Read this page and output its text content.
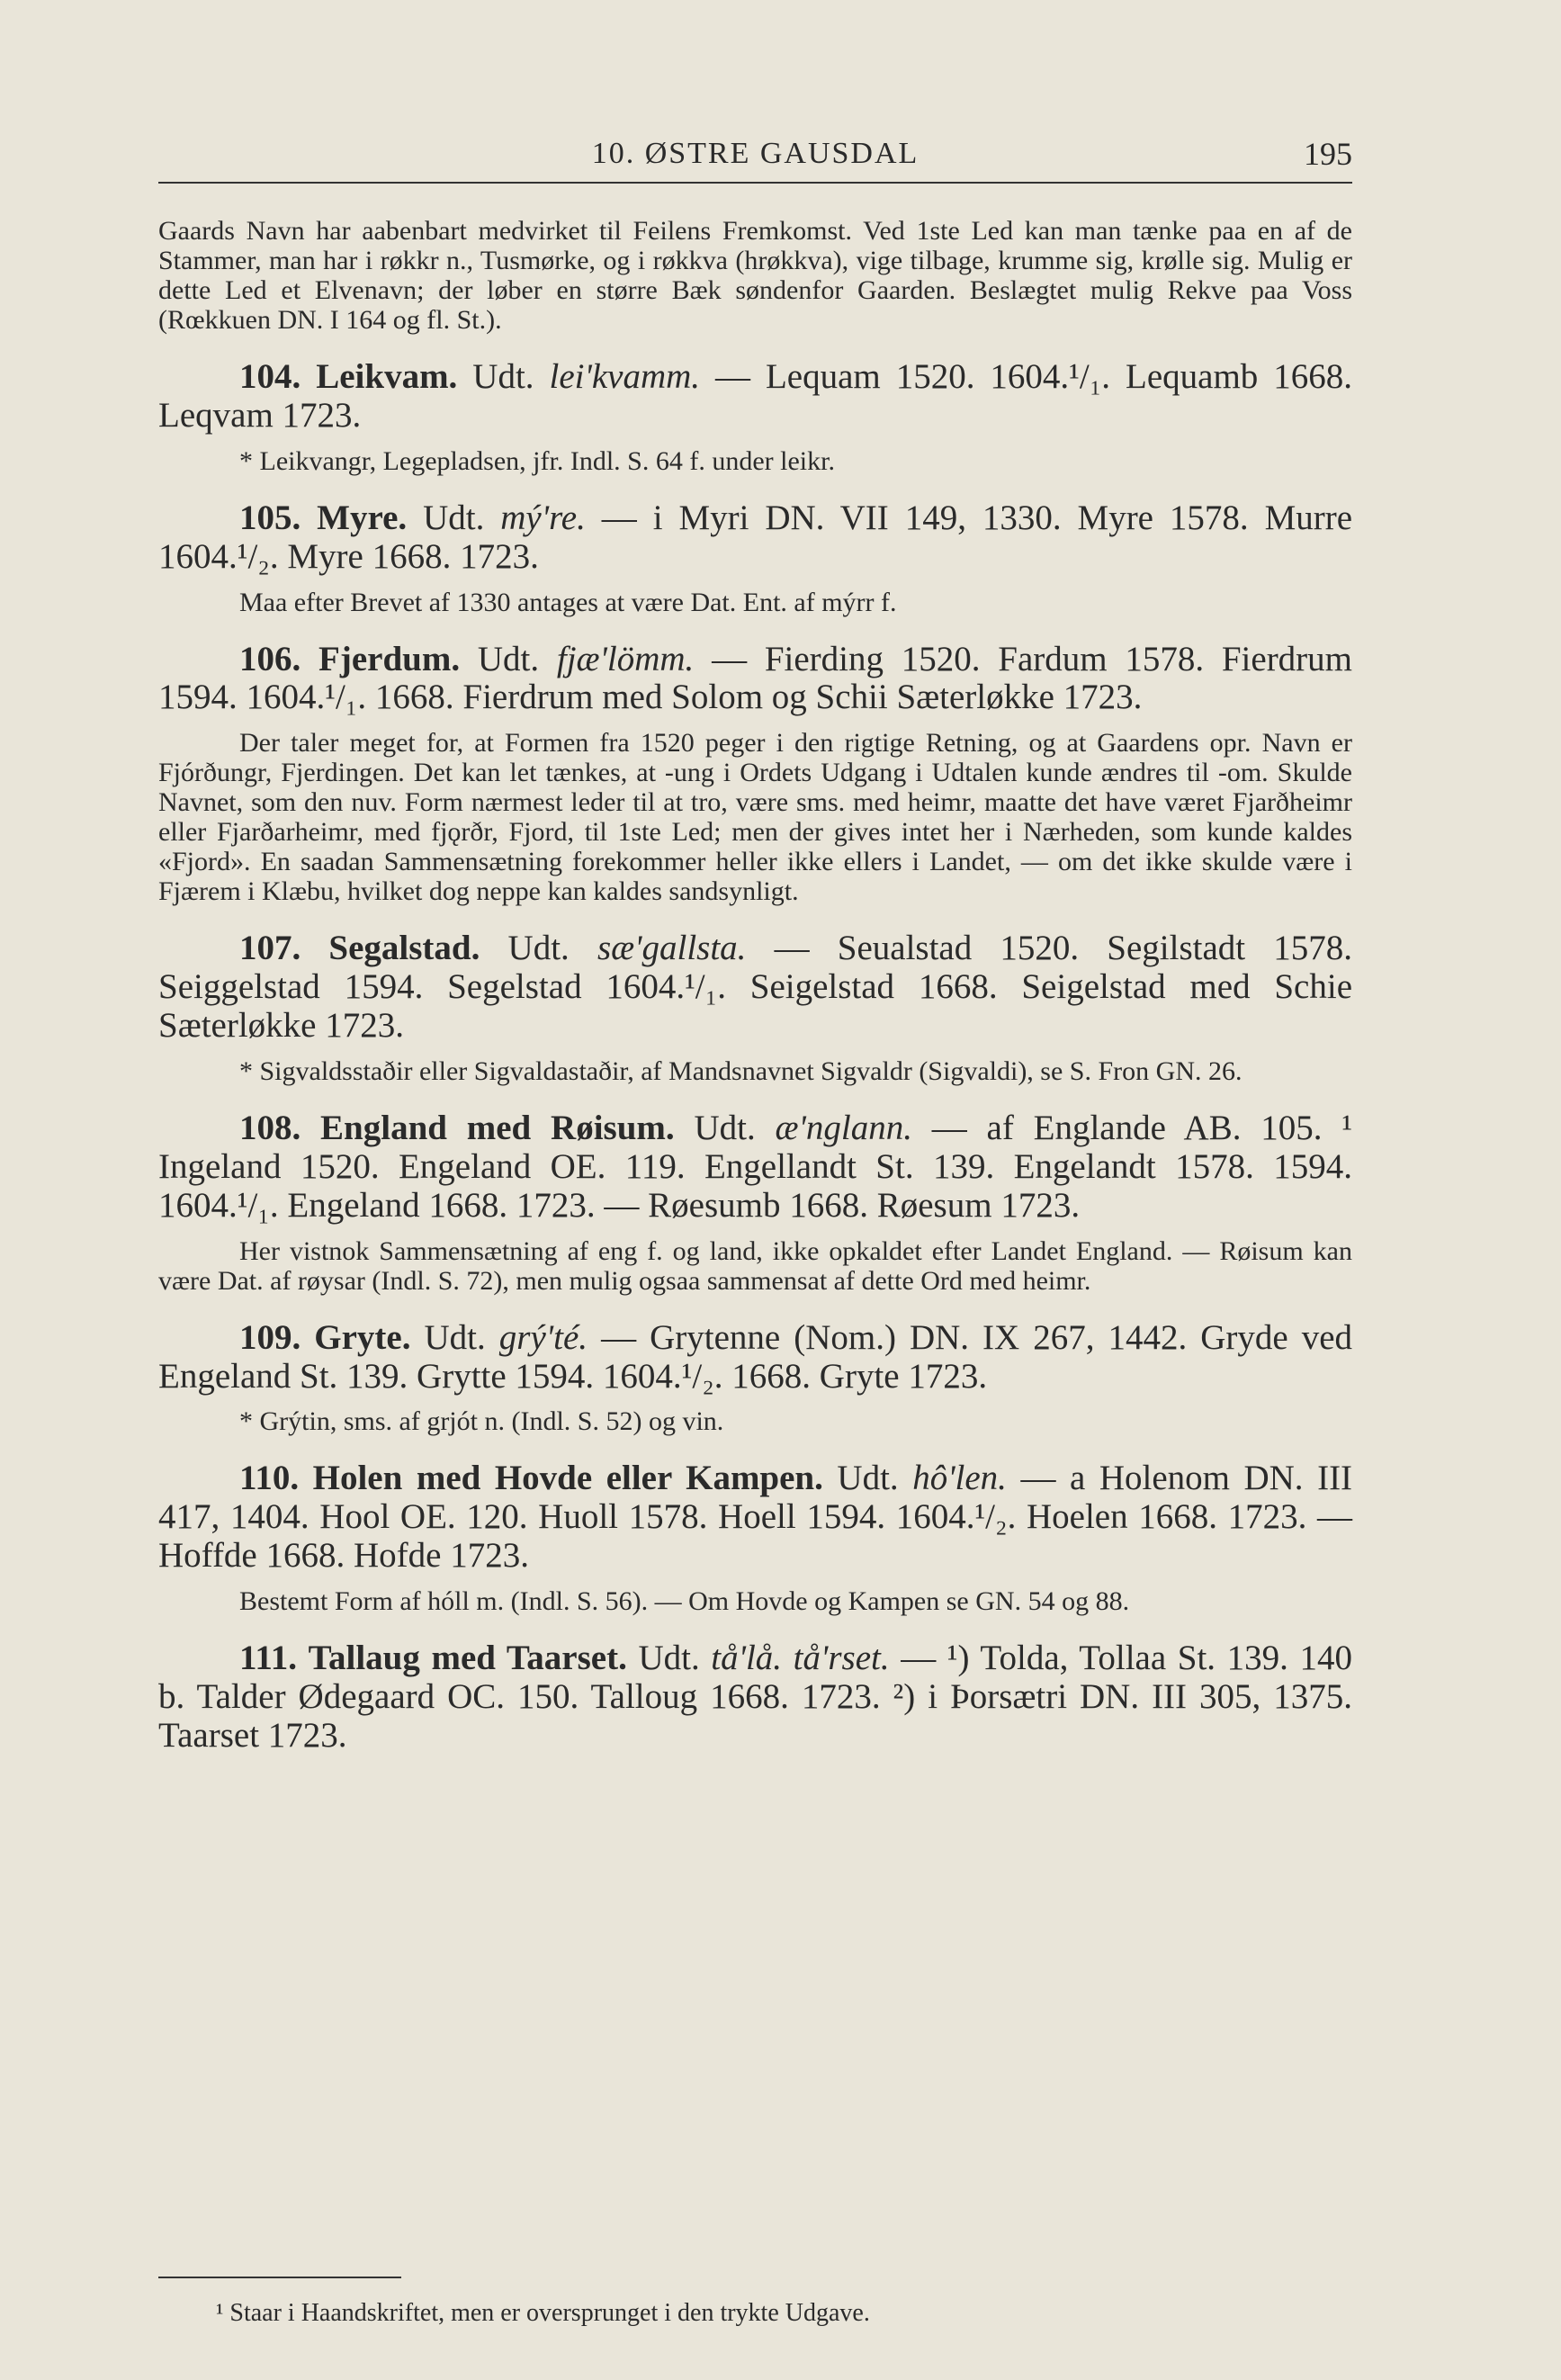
10. ØSTRE GAUSDAL	195

Gaards Navn har aabenbart medvirket til Feilens Fremkomst. Ved 1ste Led kan man tænke paa en af de Stammer, man har i røkkr n., Tusmørke, og i røkkva (hrøkkva), vige tilbage, krumme sig, krølle sig. Mulig er dette Led et Elvenavn; der løber en større Bæk søndenfor Gaarden. Beslægtet mulig Rekve paa Voss (Rœkkuen DN. I 164 og fl. St.).

104. Leikvam. Udt. lei'kvamm. — Lequam 1520. 1604.¹/₁. Lequamb 1668. Leqvam 1723.

* Leikvangr, Legepladsen, jfr. Indl. S. 64 f. under leikr.

105. Myre. Udt. mý're. — i Myri DN. VII 149, 1330. Myre 1578. Murre 1604.¹/₂. Myre 1668. 1723.

Maa efter Brevet af 1330 antages at være Dat. Ent. af mýrr f.

106. Fjerdum. Udt. fjæ'lömm. — Fierding 1520. Fardum 1578. Fierdrum 1594. 1604.¹/₁. 1668. Fierdrum med Solom og Schii Sæterløkke 1723.

Der taler meget for, at Formen fra 1520 peger i den rigtige Retning, og at Gaardens opr. Navn er Fjórðungr, Fjerdingen. Det kan let tænkes, at -ung i Ordets Udgang i Udtalen kunde ændres til -om. Skulde Navnet, som den nuv. Form nærmest leder til at tro, være sms. med heimr, maatte det have været Fjarðheimr eller Fjarðarheimr, med fjǫrðr, Fjord, til 1ste Led; men der gives intet her i Nærheden, som kunde kaldes «Fjord». En saadan Sammensætning forekommer heller ikke ellers i Landet, — om det ikke skulde være i Fjærem i Klæbu, hvilket dog neppe kan kaldes sandsynligt.

107. Segalstad. Udt. sæ'gallsta. — Seualstad 1520. Segilstadt 1578. Seiggelstad 1594. Segelstad 1604.¹/₁. Seigelstad 1668. Seigelstad med Schie Sæterløkke 1723.

* Sigvaldsstaðir eller Sigvaldastaðir, af Mandsnavnet Sigvaldr (Sigvaldi), se S. Fron GN. 26.

108. England med Røisum. Udt. æ'nglann. — af Englande AB. 105. ¹ Ingeland 1520. Engeland OE. 119. Engellandt St. 139. Engelandt 1578. 1594. 1604.¹/₁. Engeland 1668. 1723. — Røesumb 1668. Røesum 1723.

Her vistnok Sammensætning af eng f. og land, ikke opkaldet efter Landet England. — Røisum kan være Dat. af røysar (Indl. S. 72), men mulig ogsaa sammensat af dette Ord med heimr.

109. Gryte. Udt. grý'té. — Grytenne (Nom.) DN. IX 267, 1442. Gryde ved Engeland St. 139. Grytte 1594. 1604.¹/₂. 1668. Gryte 1723.

* Grýtin, sms. af grjót n. (Indl. S. 52) og vin.

110. Holen med Hovde eller Kampen. Udt. hô'len. — a Holenom DN. III 417, 1404. Hool OE. 120. Huoll 1578. Hoell 1594. 1604.¹/₂. Hoelen 1668. 1723. — Hoffde 1668. Hofde 1723.

Bestemt Form af hóll m. (Indl. S. 56). — Om Hovde og Kampen se GN. 54 og 88.

111. Tallaug med Taarset. Udt. tå'lå. tå'rset. — ¹) Tolda, Tollaa St. 139. 140 b. Talder Ødegaard OC. 150. Talloug 1668. 1723. ²) i Þorsætri DN. III 305, 1375. Taarset 1723.

¹ Staar i Haandskriftet, men er oversprunget i den trykte Udgave.
